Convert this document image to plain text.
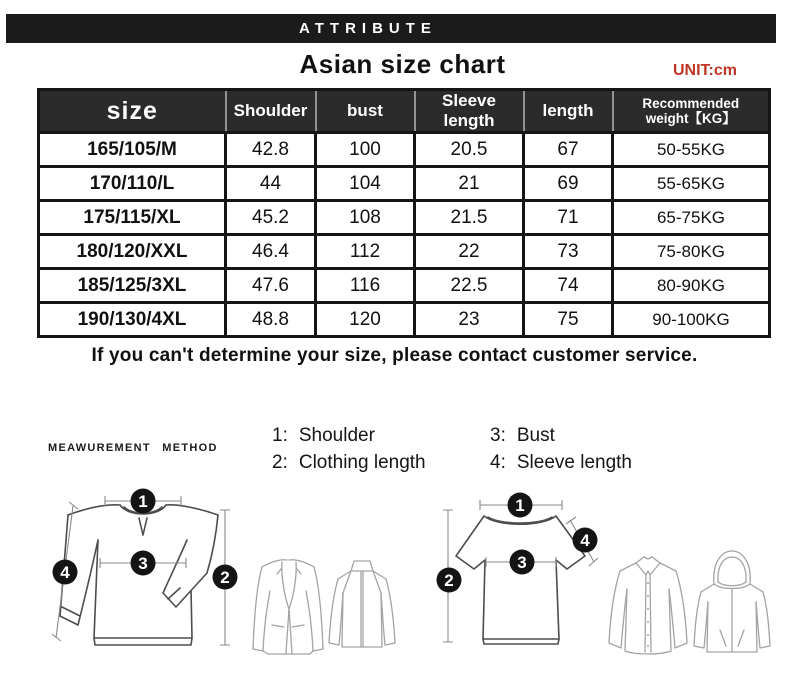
ATTRIBUTE
Asian size chart	UNIT:cm
size	Shoulder	bust	Sleeve length	length	Recommended weight【KG】
165/105/M	42.8	100	20.5	67	50-55KG
170/110/L	44	104	21	69	55-65KG
175/115/XL	45.2	108	21.5	71	65-75KG
180/120/XXL	46.4	112	22	73	75-80KG
185/125/3XL	47.6	116	22.5	74	80-90KG
190/130/4XL	48.8	120	23	75	90-100KG
If you can't determine your size, please contact customer service.
MEAWUREMENT METHOD
1: Shoulder	3: Bust
2: Clothing length	4: Sleeve length
1
3
2
4
1
3
2
4
